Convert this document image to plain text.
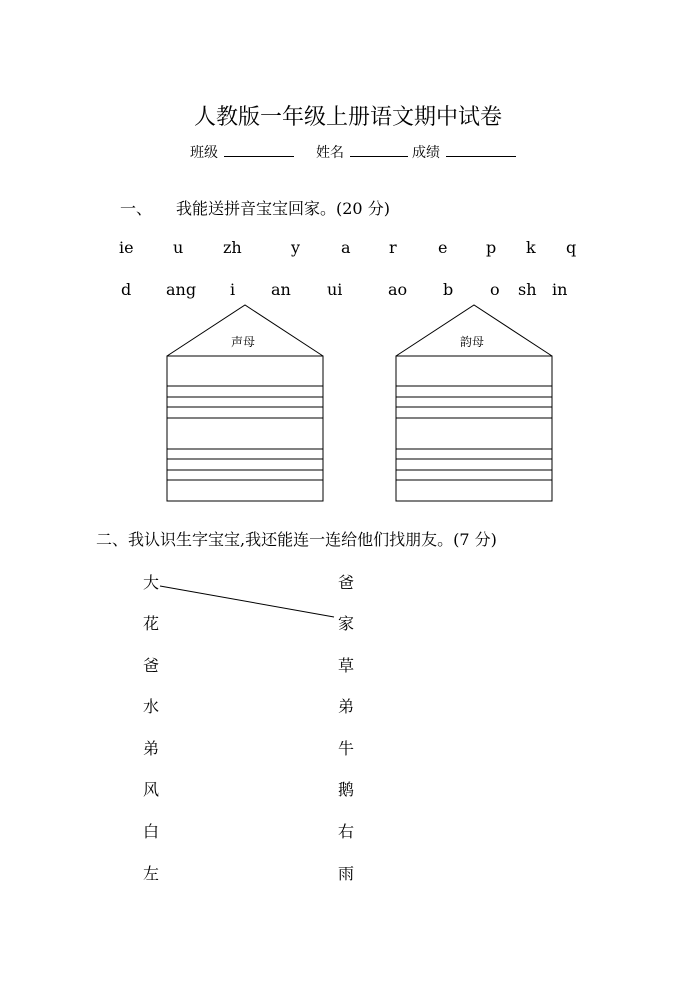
人教版一年级上册语文期中试卷
班级	姓名	成绩
一、 我能送拼音宝宝回家。(20 分)
ie u zh	y	a r	e p k q
d ang i an ui	ao b o sh in
声母	韵母
二、我认识生字宝宝,我还能连一连给他们找朋友。(7 分)
大
花
爸
水
弟
风
白
左
爸
家
草
弟
牛
鹅
右
雨
